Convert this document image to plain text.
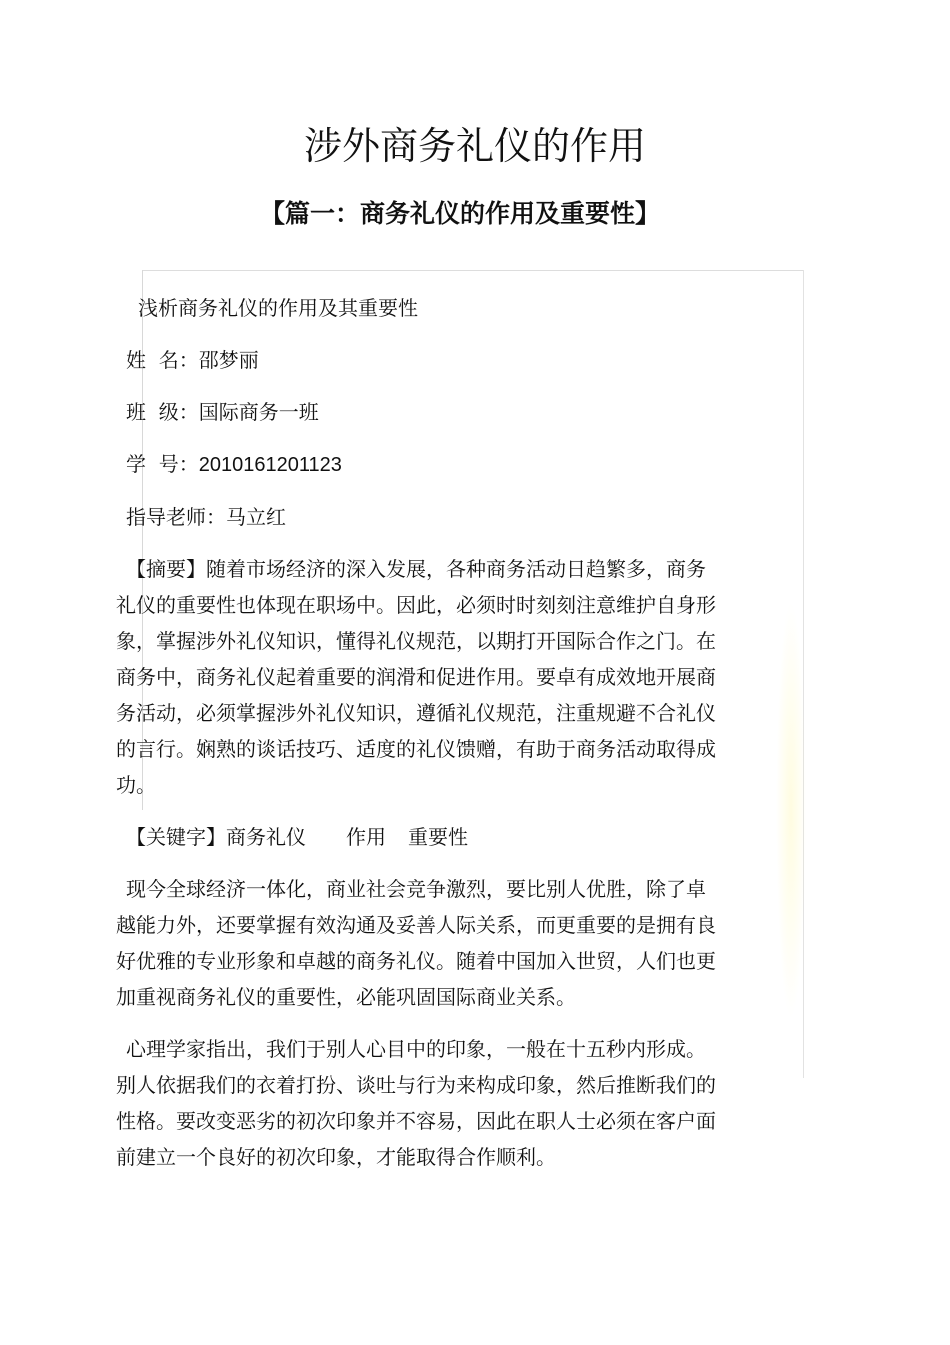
涉外商务礼仪的作用
【篇一：商务礼仪的作用及重要性】

浅析商务礼仪的作用及其重要性

姓  名：邵梦丽

班  级：国际商务一班

学  号：2010161201123

指导老师：马立红

【摘要】随着市场经济的深入发展，各种商务活动日趋繁多，商务
礼仪的重要性也体现在职场中。因此，必须时时刻刻注意维护自身形
象，掌握涉外礼仪知识，懂得礼仪规范，以期打开国际合作之门。在
商务中，商务礼仪起着重要的润滑和促进作用。要卓有成效地开展商
务活动，必须掌握涉外礼仪知识，遵循礼仪规范，注重规避不合礼仪
的言行。娴熟的谈话技巧、适度的礼仪馈赠，有助于商务活动取得成
功。

【关键字】商务礼仪 作用 重要性

现今全球经济一体化，商业社会竞争激烈，要比别人优胜，除了卓
越能力外，还要掌握有效沟通及妥善人际关系，而更重要的是拥有良
好优雅的专业形象和卓越的商务礼仪。随着中国加入世贸，人们也更
加重视商务礼仪的重要性，必能巩固国际商业关系。

心理学家指出，我们于别人心目中的印象，一般在十五秒内形成。
别人依据我们的衣着打扮、谈吐与行为来构成印象，然后推断我们的
性格。要改变恶劣的初次印象并不容易，因此在职人士必须在客户面
前建立一个良好的初次印象，才能取得合作顺利。
